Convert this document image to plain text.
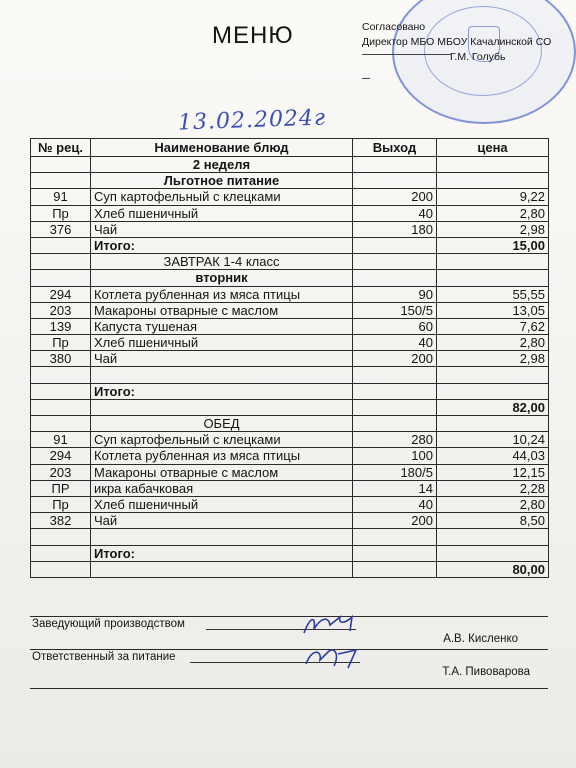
МЕНЮ	Согласовано
Директор МБО МБОУ Качалинской СО
Г.М. Голубь
13.02.2024г
№ рец.	Наименование блюд	Выход	цена
	2 неделя		
	Льготное питание		
91	Суп картофельный с клецками	200	9,22
Пр	Хлеб пшеничный	40	2,80
376	Чай	180	2,98
	Итого:		15,00
	ЗАВТРАК 1-4 класс		
	вторник		
294	Котлета рубленная из мяса птицы	90	55,55
203	Макароны отварные с маслом	150/5	13,05
139	Капуста тушеная	60	7,62
Пр	Хлеб пшеничный	40	2,80
380	Чай	200	2,98

	Итого:		
			82,00
	ОБЕД		
91	Суп картофельный с клецками	280	10,24
294	Котлета рубленная из мяса птицы	100	44,03
203	Макароны отварные с маслом	180/5	12,15
ПР	икра кабачковая	14	2,28
Пр	Хлеб пшеничный	40	2,80
382	Чай	200	8,50

	Итого:		
			80,00
Заведующий производством
А.В. Кисленко
Ответственный за питание
Т.А. Пивоварова
